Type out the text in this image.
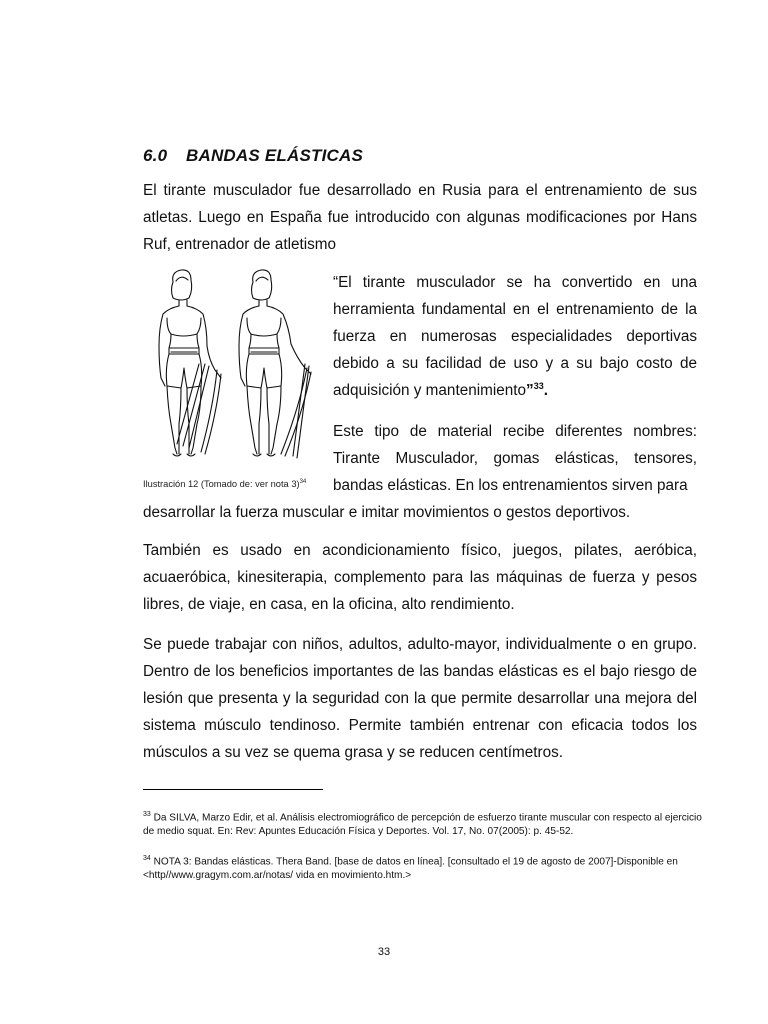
6.0 BANDAS ELÁSTICAS

El tirante musculador fue desarrollado en Rusia para el entrenamiento de sus atletas. Luego en España fue introducido con algunas modificaciones por Hans Ruf, entrenador de atletismo

Ilustración 12 (Tomado de: ver nota 3)$^{34}$

“El tirante musculador se ha convertido en una herramienta fundamental en el entrenamiento de la fuerza en numerosas especialidades deportivas debido a su facilidad de uso y a su bajo costo de adquisición y mantenimiento”$^{33}$.

Este tipo de material recibe diferentes nombres: Tirante Musculador, gomas elásticas, tensores, bandas elásticas. En los entrenamientos sirven para

desarrollar la fuerza muscular e imitar movimientos o gestos deportivos.

También es usado en acondicionamiento físico, juegos, pilates, aeróbica, acuaeróbica, kinesiterapia, complemento para las máquinas de fuerza y pesos libres, de viaje, en casa, en la oficina, alto rendimiento.

Se puede trabajar con niños, adultos, adulto-mayor, individualmente o en grupo. Dentro de los beneficios importantes de las bandas elásticas es el bajo riesgo de lesión que presenta y la seguridad con la que permite desarrollar una mejora del sistema músculo tendinoso. Permite también entrenar con eficacia todos los músculos a su vez se quema grasa y se reducen centímetros.

$^{33}$ Da SILVA, Marzo Edir, et al. Análisis electromiográfico de percepción de esfuerzo tirante muscular con respecto al ejercicio de medio squat. En: Rev: Apuntes Educación Física y Deportes. Vol. 17, No. 07(2005): p. 45-52.

$^{34}$ NOTA 3: Bandas elásticas. Thera Band. [base de datos en línea]. [consultado el 19 de agosto de 2007]-Disponible en <http//www.gragym.com.ar/notas/ vida en movimiento.htm.>

33
